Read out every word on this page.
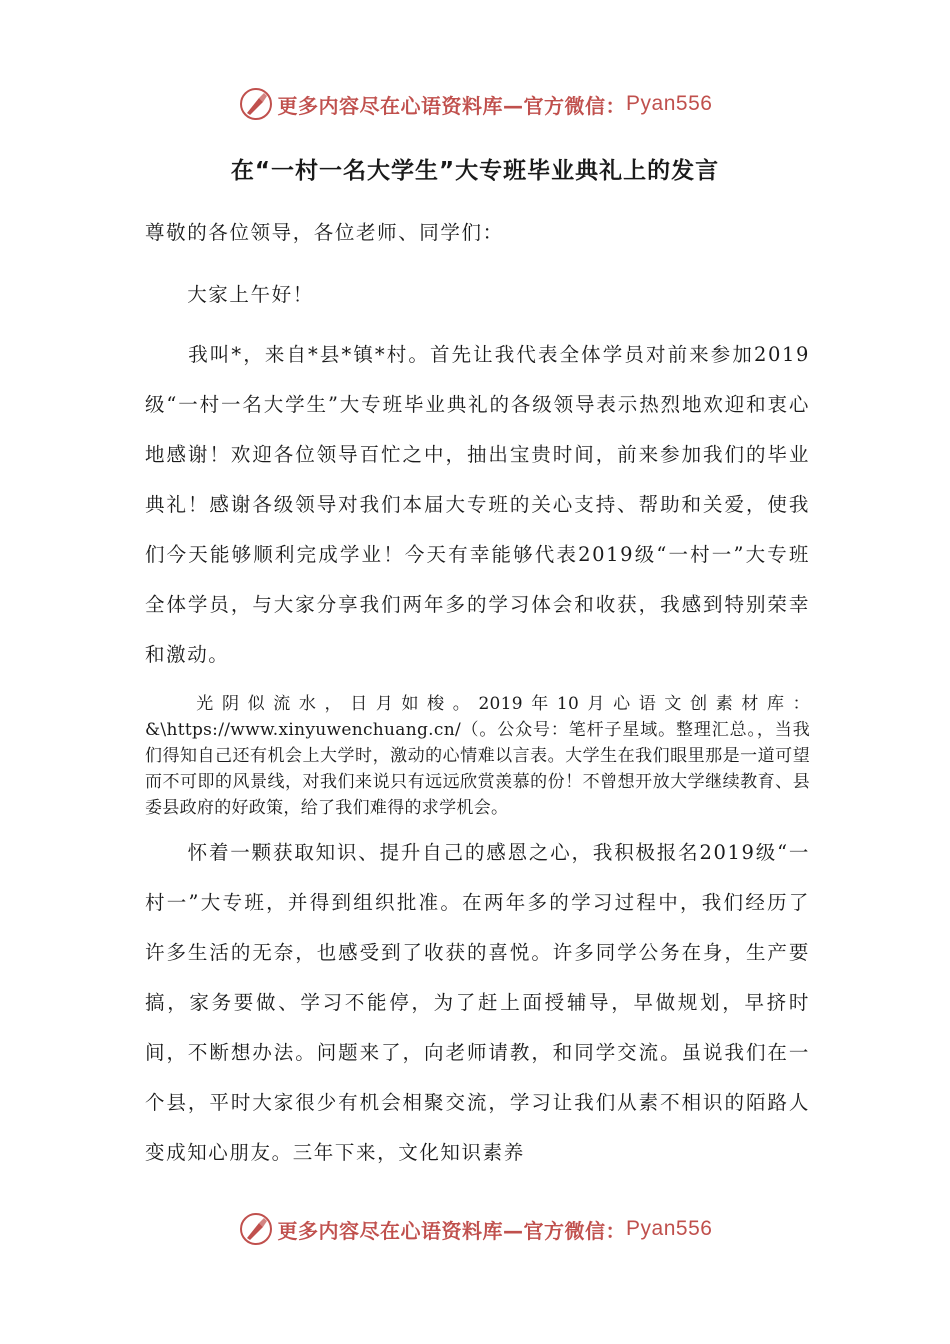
更多内容尽在心语资料库— 官方微信： Pyan556
在“一村一名大学生”大专班毕业典礼上的发言

尊敬的各位领导，各位老师、同学们：

　　大家上午好！

　　我叫*，来自*县*镇*村。首先让我代表全体学员对前来参加2019级“一村一名大学生”大专班毕业典礼的各级领导表示热烈地欢迎和衷心地感谢！欢迎各位领导百忙之中，抽出宝贵时间，前来参加我们的毕业典礼！感谢各级领导对我们本届大专班的关心支持、帮助和关爱，使我们今天能够顺利完成学业！今天有幸能够代表2019级“一村一”大专班全体学员，与大家分享我们两年多的学习体会和收获，我感到特别荣幸和激动。

　　光阴似流水，日月如梭。2019年10月心语文创素材库：&\https://www.xinyuwenchuang.cn/（。公众号：笔杆子星域。整理汇总。，当我们得知自己还有机会上大学时，激动的心情难以言表。大学生在我们眼里那是一道可望而不可即的风景线，对我们来说只有远远欣赏羡慕的份！不曾想开放大学继续教育、县委县政府的好政策，给了我们难得的求学机会。

　　怀着一颗获取知识、提升自己的感恩之心，我积极报名2019级“一村一”大专班，并得到组织批准。在两年多的学习过程中，我们经历了许多生活的无奈，也感受到了收获的喜悦。许多同学公务在身，生产要搞，家务要做、学习不能停，为了赶上面授辅导，早做规划，早挤时间，不断想办法。问题来了，向老师请教，和同学交流。虽说我们在一个县，平时大家很少有机会相聚交流，学习让我们从素不相识的陌路人变成知心朋友。三年下来，文化知识素养

更多内容尽在心语资料库— 官方微信： Pyan556
